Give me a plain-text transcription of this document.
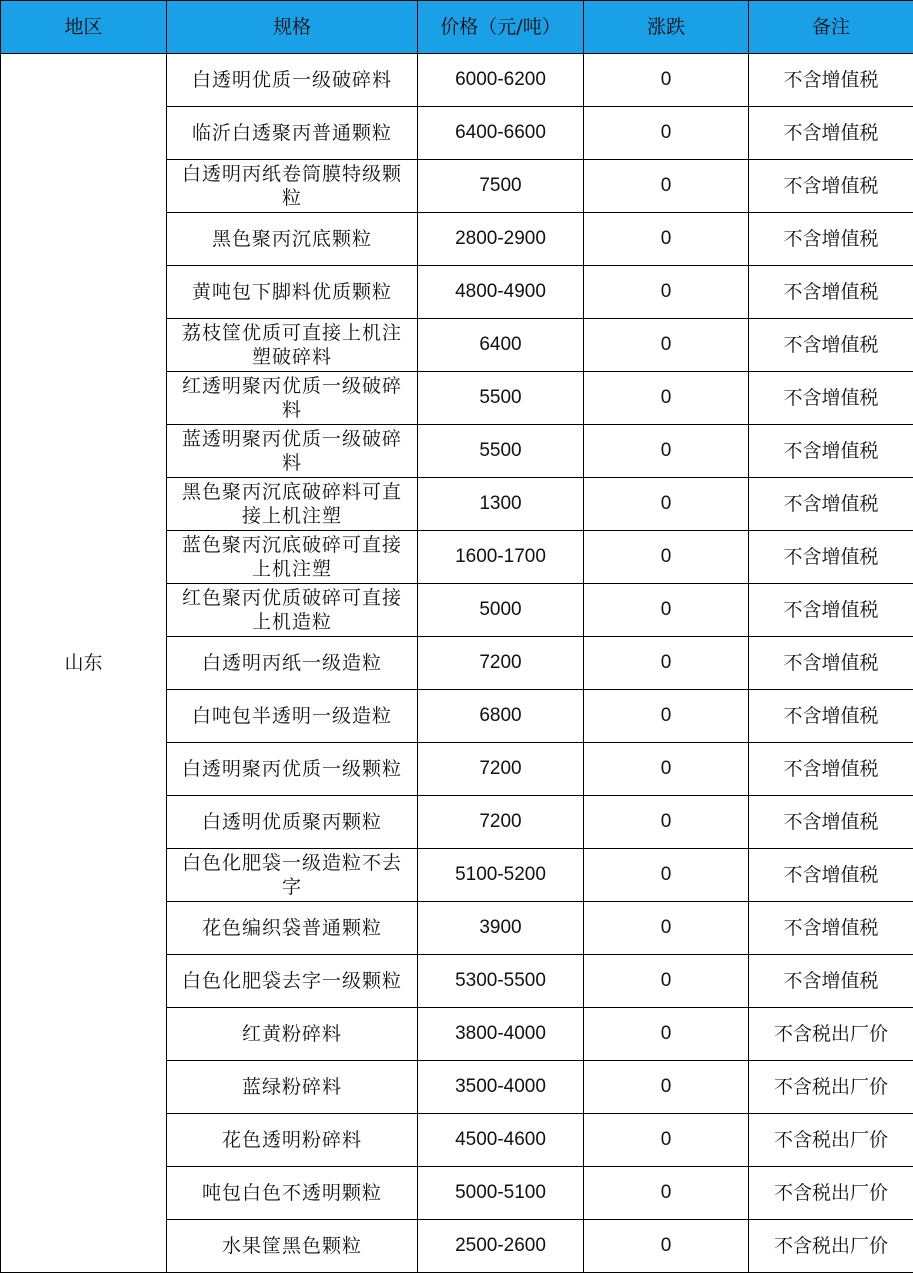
地区	规格	价格（元/吨）	涨跌	备注
山东	白透明优质一级破碎料	6000-6200	0	不含增值税
	临沂白透聚丙普通颗粒	6400-6600	0	不含增值税
	白透明丙纸卷筒膜特级颗粒	7500	0	不含增值税
	黑色聚丙沉底颗粒	2800-2900	0	不含增值税
	黄吨包下脚料优质颗粒	4800-4900	0	不含增值税
	荔枝筐优质可直接上机注塑破碎料	6400	0	不含增值税
	红透明聚丙优质一级破碎料	5500	0	不含增值税
	蓝透明聚丙优质一级破碎料	5500	0	不含增值税
	黑色聚丙沉底破碎料可直接上机注塑	1300	0	不含增值税
	蓝色聚丙沉底破碎可直接上机注塑	1600-1700	0	不含增值税
	红色聚丙优质破碎可直接上机造粒	5000	0	不含增值税
	白透明丙纸一级造粒	7200	0	不含增值税
	白吨包半透明一级造粒	6800	0	不含增值税
	白透明聚丙优质一级颗粒	7200	0	不含增值税
	白透明优质聚丙颗粒	7200	0	不含增值税
	白色化肥袋一级造粒不去字	5100-5200	0	不含增值税
	花色编织袋普通颗粒	3900	0	不含增值税
	白色化肥袋去字一级颗粒	5300-5500	0	不含增值税
	红黄粉碎料	3800-4000	0	不含税出厂价
	蓝绿粉碎料	3500-4000	0	不含税出厂价
	花色透明粉碎料	4500-4600	0	不含税出厂价
	吨包白色不透明颗粒	5000-5100	0	不含税出厂价
	水果筐黑色颗粒	2500-2600	0	不含税出厂价
